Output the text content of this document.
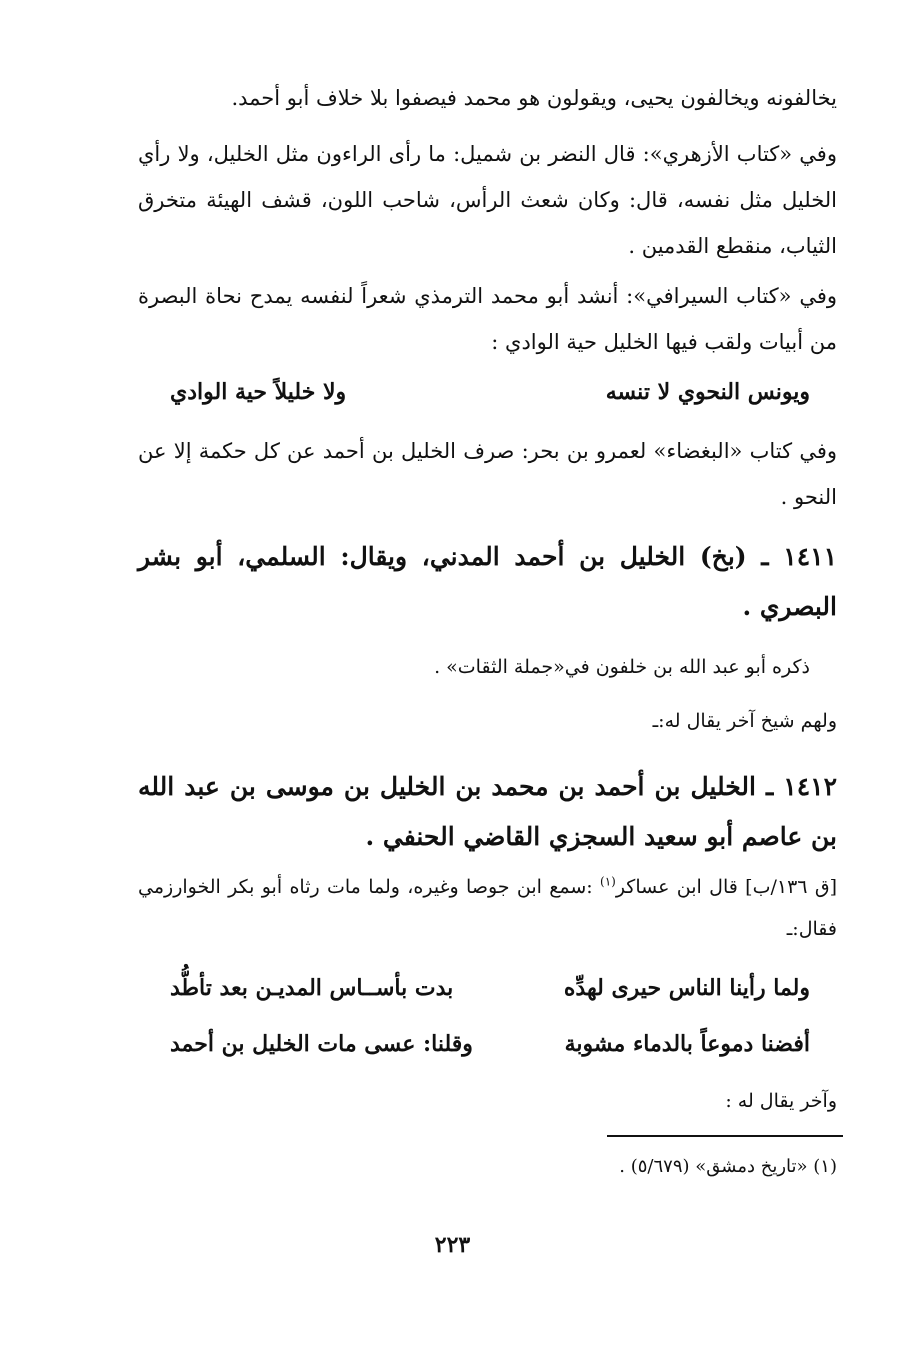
يخالفونه ويخالفون يحيى، ويقولون هو محمد فيصفوا بلا خلاف أبو أحمد.
وفي «كتاب الأزهري»: قال النضر بن شميل: ما رأى الراءون مثل الخليل، ولا رأي الخليل مثل نفسه، قال: وكان شعث الرأس، شاحب اللون، قشف الهيئة متخرق الثياب، منقطع القدمين .
وفي «كتاب السيرافي»: أنشد أبو محمد الترمذي شعراً لنفسه يمدح نحاة البصرة من أبيات ولقب فيها الخليل حية الوادي :
ويونس النحوي لا تنسه
ولا خليلاً حية الوادي
وفي كتاب «البغضاء» لعمرو بن بحر: صرف الخليل بن أحمد عن كل حكمة إلا عن النحو .
١٤١١ ـ (بخ) الخليل بن أحمد المدني، ويقال: السلمي، أبو بشر البصري .
ذكره أبو عبد الله بن خلفون في«جملة الثقات» .
ولهم شيخ آخر يقال له:ـ
١٤١٢ ـ الخليل بن أحمد بن محمد بن الخليل بن موسى بن عبد الله بن عاصم أبو سعيد السجزي القاضي الحنفي .
[ق ١٣٦/ب] قال ابن عساكر$^{(١)}$ :سمع ابن جوصا وغيره، ولما مات رثاه أبو بكر الخوارزمي فقال:ـ
ولما رأينا الناس حيرى لهدِّه
بدت بأســاس المديـن بعد تأطُّد
أفضنا دموعاً بالدماء مشوبة
وقلنا: عسى مات الخليل بن أحمد
وآخر يقال له :
(١) «تاريخ دمشق» (٥/٦٧٩) .
٢٢٣
